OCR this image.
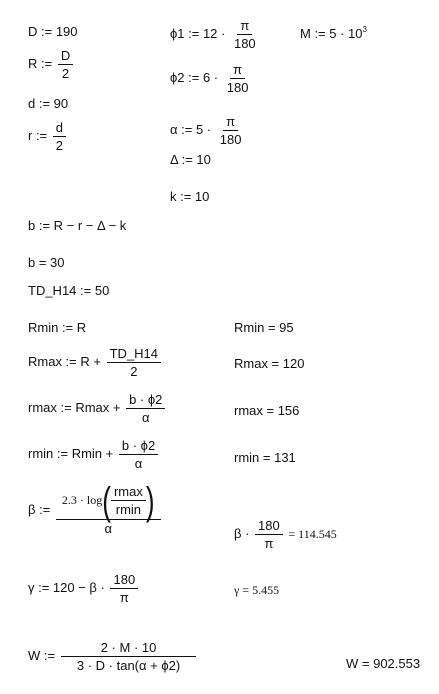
D := 190
R := $\frac{D}{2}$
d := 90
r := $\frac{d}{2}$
ϕ1 := $12 \cdot \frac{\pi}{180}$
ϕ2 := $6 \cdot \frac{\pi}{180}$
α := $5 \cdot \frac{\pi}{180}$
Δ := 10
k := 10
M := $5 \cdot 10^3$
b := R − r − Δ − k
b = 30
TD_H14 := 50
Rmin := R	Rmin = 95
Rmax := $R + \frac{TD\_H14}{2}$	Rmax = 120
rmax := $Rmax + \frac{b \cdot \phi 2}{\alpha}$	rmax = 156
rmin := $Rmin + \frac{b \cdot \phi 2}{\alpha}$	rmin = 131
β :=
2.3 · log ( $\frac{rmax}{rmin}$ )
α	$\beta \cdot \frac{180}{\pi} = 114.545$
γ := $120 - \beta \cdot \frac{180}{\pi}$	γ = 5.455
W := $\frac{2 \cdot M \cdot 10}{3 \cdot D \cdot \tan(\alpha + \phi 2)}$	W = 902.553
